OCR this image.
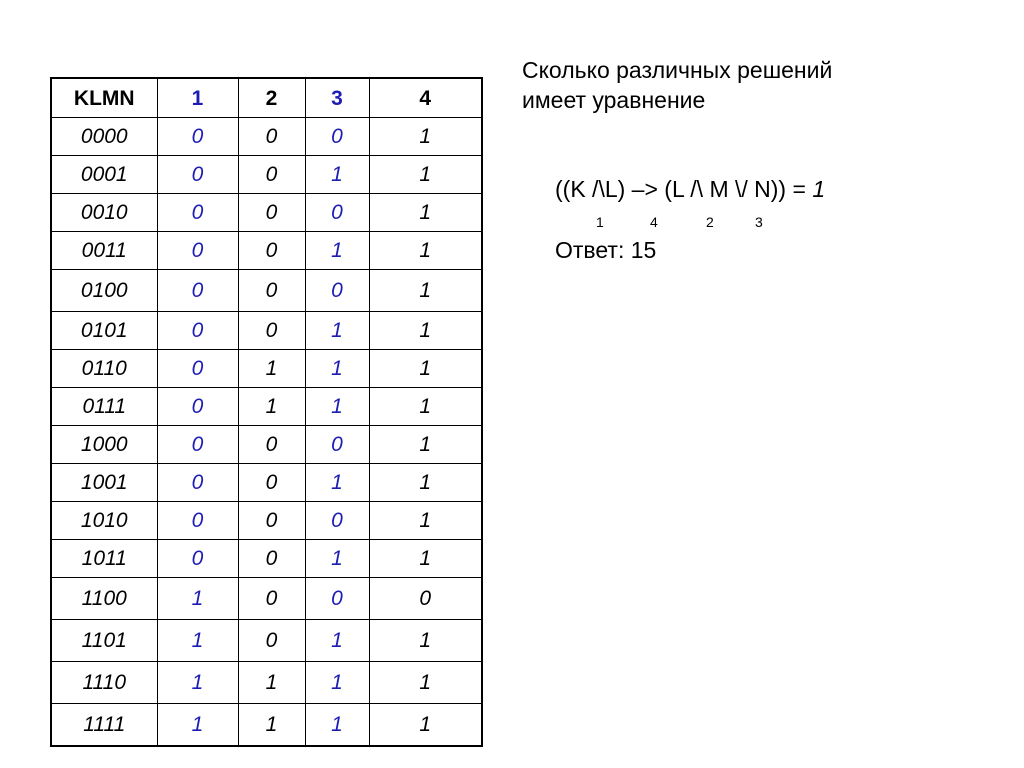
KLMN	1	2	3	4
0000	0	0	0	1
0001	0	0	1	1
0010	0	0	0	1
0011	0	0	1	1
0100	0	0	0	1
0101	0	0	1	1
0110	0	1	1	1
0111	0	1	1	1
1000	0	0	0	1
1001	0	0	1	1
1010	0	0	0	1
1011	0	0	1	1
1100	1	0	0	0
1101	1	0	1	1
1110	1	1	1	1
1111	1	1	1	1
Сколько различных решений
имеет уравнение
((K /\L) –> (L /\ M \/ N)) = 1
1	4	2	3
Ответ: 15
